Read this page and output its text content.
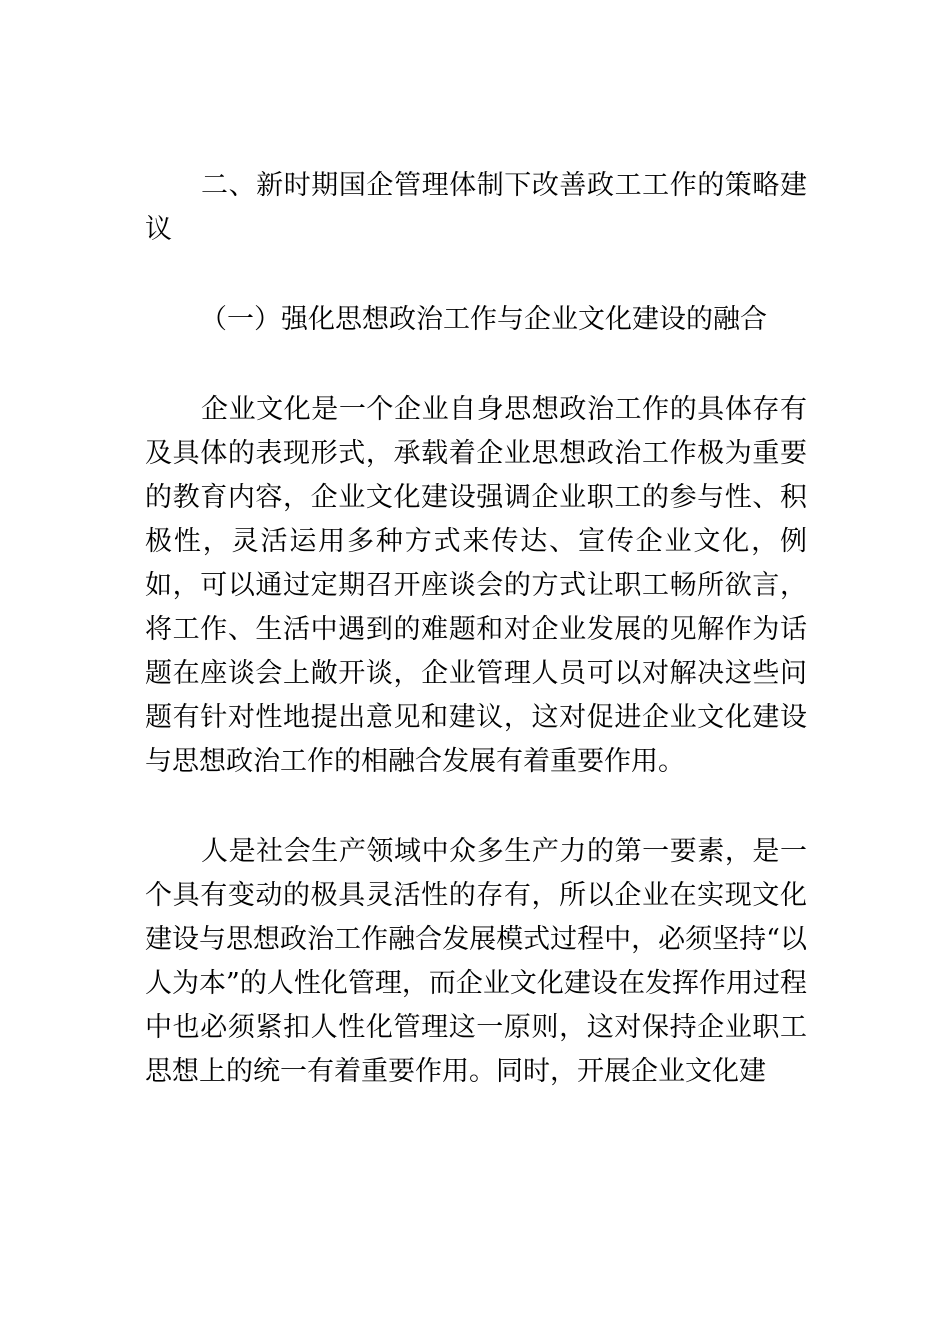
二、新时期国企管理体制下改善政工工作的策略建议

（一）强化思想政治工作与企业文化建设的融合

企业文化是一个企业自身思想政治工作的具体存有及具体的表现形式，承载着企业思想政治工作极为重要的教育内容，企业文化建设强调企业职工的参与性、积极性，灵活运用多种方式来传达、宣传企业文化，例如，可以通过定期召开座谈会的方式让职工畅所欲言，将工作、生活中遇到的难题和对企业发展的见解作为话题在座谈会上敞开谈，企业管理人员可以对解决这些问题有针对性地提出意见和建议，这对促进企业文化建设与思想政治工作的相融合发展有着重要作用。

人是社会生产领域中众多生产力的第一要素，是一个具有变动的极具灵活性的存有，所以企业在实现文化建设与思想政治工作融合发展模式过程中，必须坚持“以人为本”的人性化管理，而企业文化建设在发挥作用过程中也必须紧扣人性化管理这一原则，这对保持企业职工思想上的统一有着重要作用。同时，开展企业文化建
